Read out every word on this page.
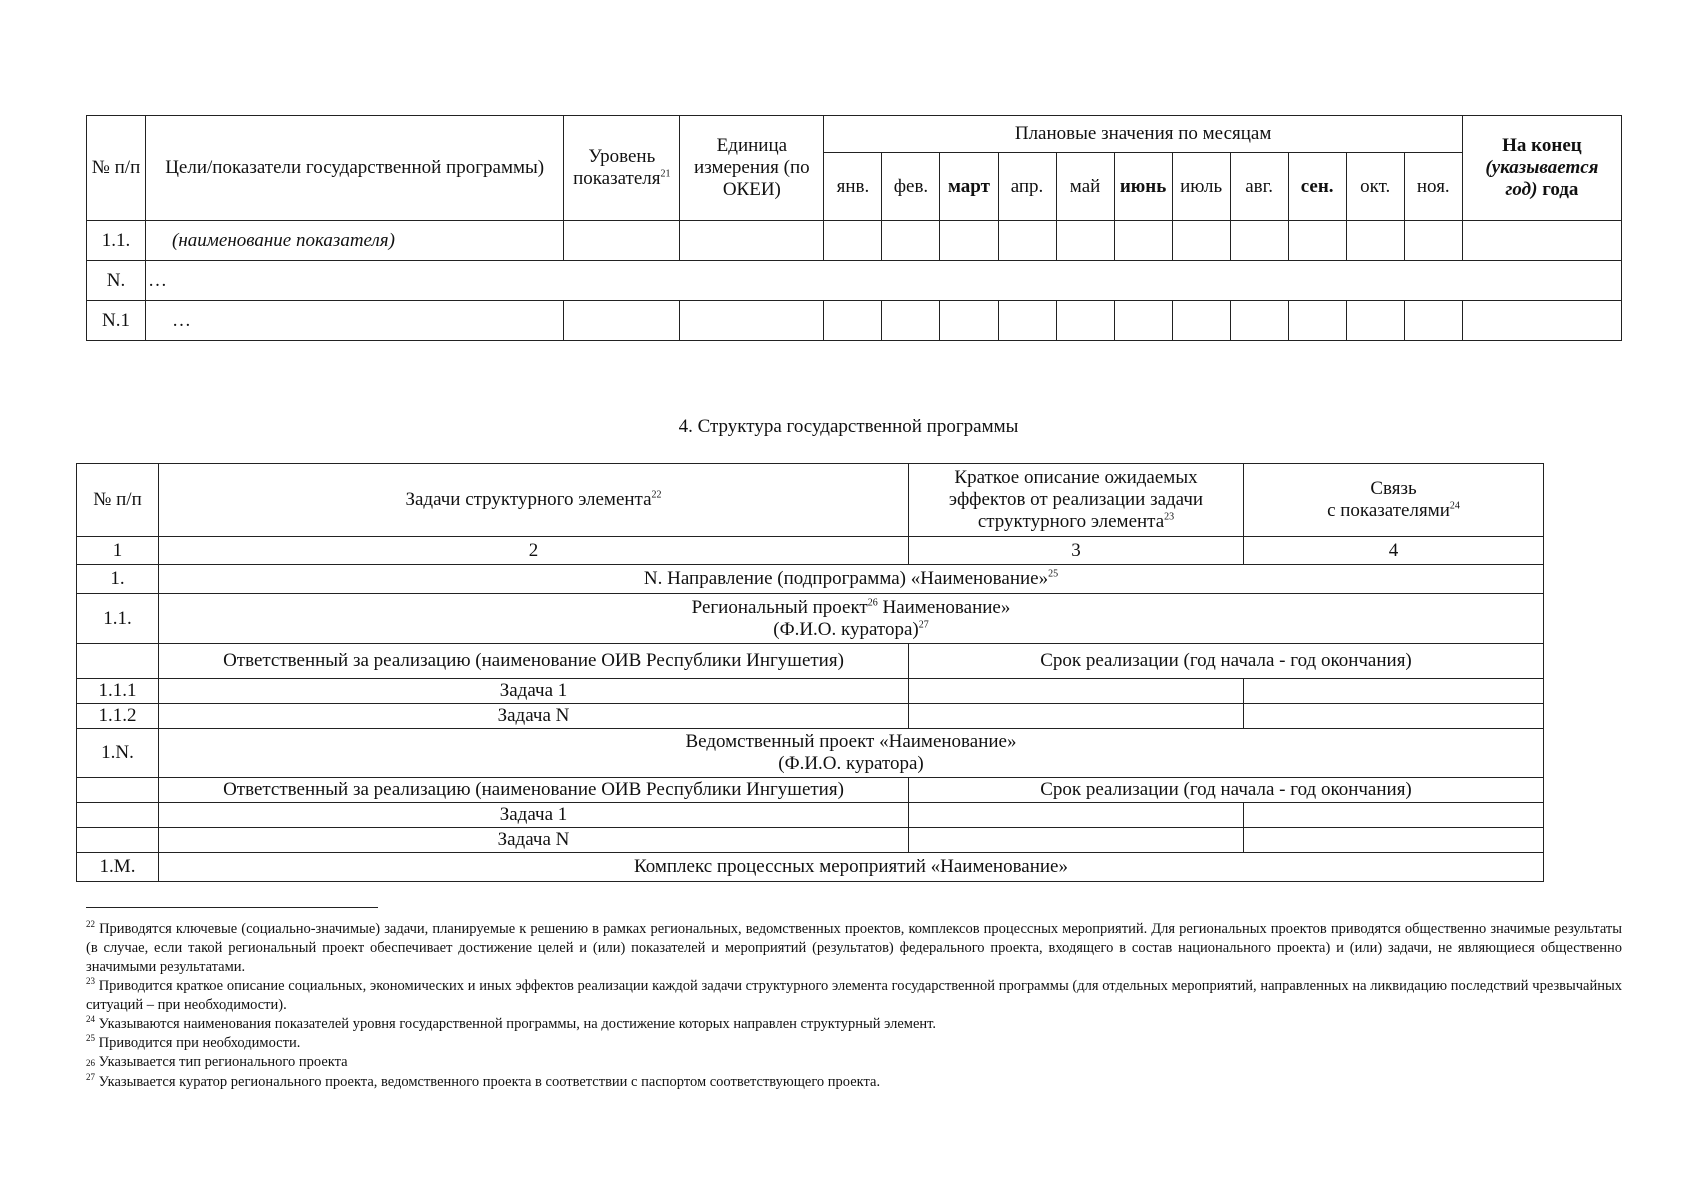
№ п/п	Цели/показатели государственной программы)	Уровень показателя$^{21}$	Единица измерения (по ОКЕИ)	Плановые значения по месяцам											На конец
(указывается
год) года
				янв.	фев.	март	апр.	май	июнь	июль	авг.	сен.	окт.	ноя.	
1.1.	(наименование показателя)														
N.	…														
N.1	…														
4. Структура государственной программы
№ п/п	Задачи структурного элемента$^{22}$	Краткое описание ожидаемых
эффектов от реализации задачи
структурного элемента$^{23}$	Связь
с показателями$^{24}$
1	2	3	4
1.	N. Направление (подпрограмма) «Наименование»$^{25}$
1.1.	Региональный проект$^{26}$ Наименование»
(Ф.И.О. куратора)$^{27}$
	Ответственный за реализацию (наименование ОИВ Республики Ингушетия)	Срок реализации (год начала - год окончания)	
1.1.1	Задача 1		
1.1.2	Задача N		
1.N.	Ведомственный проект «Наименование»
(Ф.И.О. куратора)		
	Ответственный за реализацию (наименование ОИВ Республики Ингушетия)	Срок реализации (год начала - год окончания)	
	Задача 1		
	Задача N		
1.M.	Комплекс процессных мероприятий «Наименование»		

$^{22}$ Приводятся ключевые (социально-значимые) задачи, планируемые к решению в рамках региональных, ведомственных проектов, комплексов процессных мероприятий. Для региональных проектов приводятся общественно значимые результаты (в случае, если такой региональный проект обеспечивает достижение целей и (или) показателей и мероприятий (результатов) федерального проекта, входящего в состав национального проекта) и (или) задачи, не являющиеся общественно значимыми результатами.

$^{23}$ Приводится краткое описание социальных, экономических и иных эффектов реализации каждой задачи структурного элемента государственной программы (для отдельных мероприятий, направленных на ликвидацию последствий чрезвычайных ситуаций – при необходимости).

$^{24}$ Указываются наименования показателей уровня государственной программы, на достижение которых направлен структурный элемент.

$^{25}$ Приводится при необходимости.

26 Указывается тип регионального проекта

$^{27}$ Указывается куратор регионального проекта, ведомственного проекта в соответствии с паспортом соответствующего проекта.
